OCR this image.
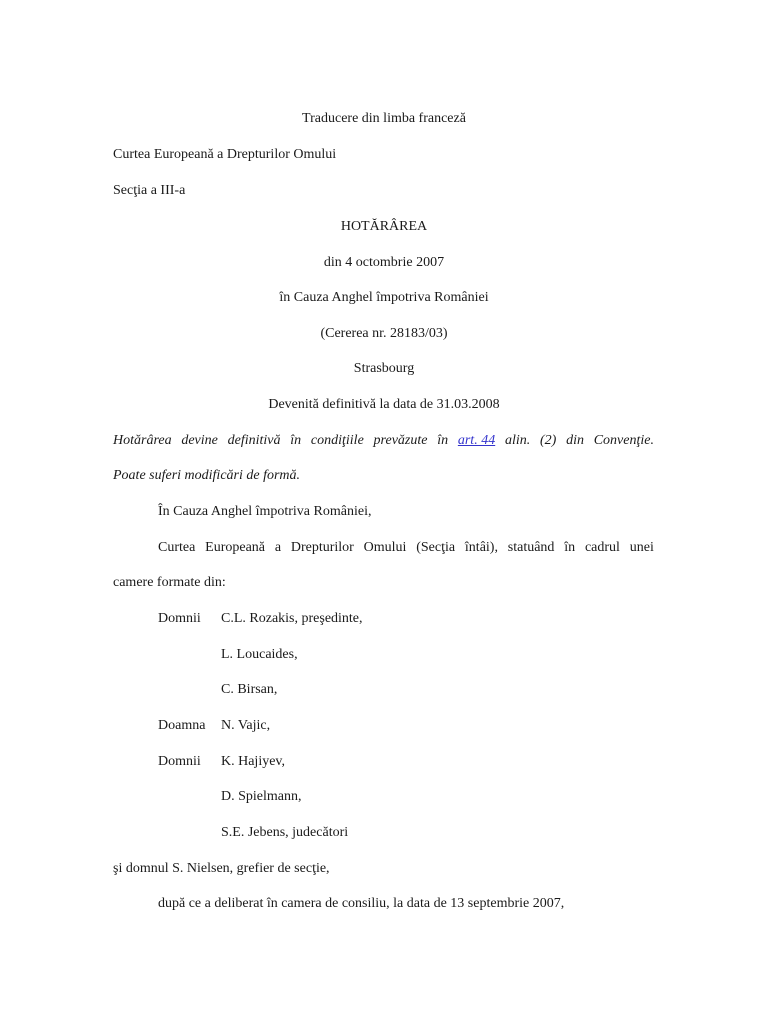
Traducere din limba franceză
Curtea Europeană a Drepturilor Omului
Secţia a III-a
HOTĂRÂREA
din 4 octombrie 2007
în Cauza Anghel împotriva României
(Cererea nr. 28183/03)
Strasbourg
Devenită definitivă la data de 31.03.2008
Hotărârea devine definitivă în condiţiile prevăzute în art. 44 alin. (2) din Convenţie.
Poate suferi modificări de formă.
În Cauza Anghel împotriva României,
Curtea Europeană a Drepturilor Omului (Secţia întâi), statuând în cadrul unei
camere formate din:
Domnii C.L. Rozakis, preşedinte,
L. Loucaides,
C. Birsan,
Doamna N. Vajic,
Domnii K. Hajiyev,
D. Spielmann,
S.E. Jebens, judecători
şi domnul S. Nielsen, grefier de secţie,
după ce a deliberat în camera de consiliu, la data de 13 septembrie 2007,
